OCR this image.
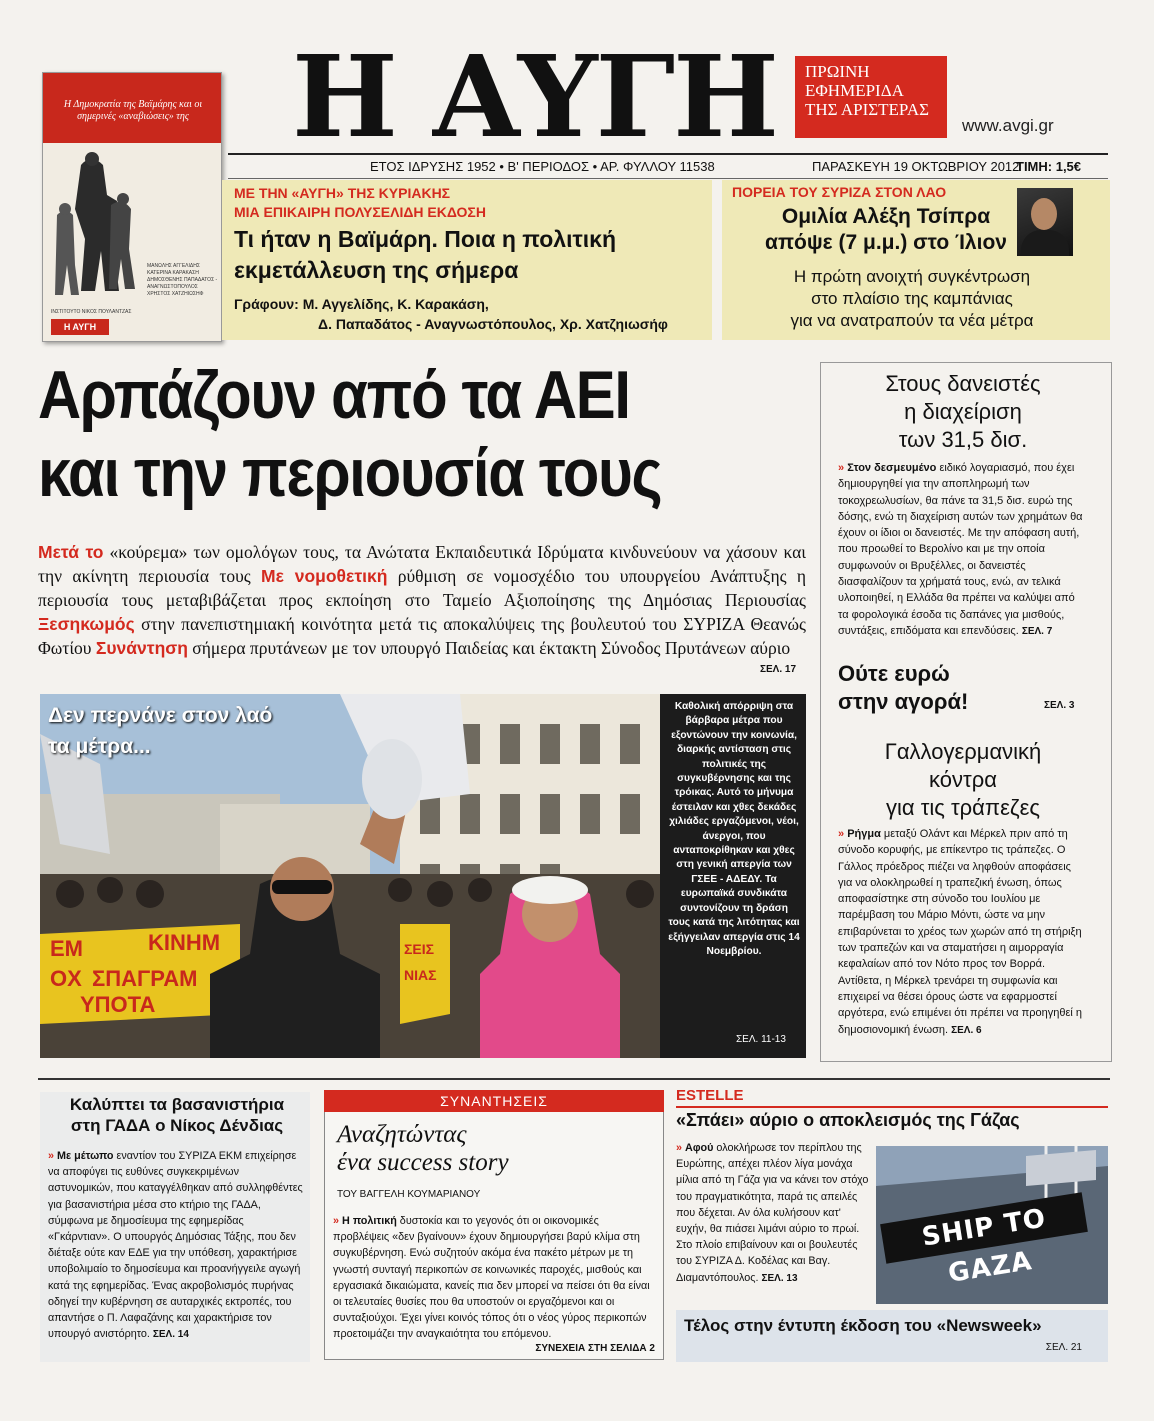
Η Δημοκρατία της Βαϊμάρης και οι σημερινές «αναβιώσεις» της
ΜΑΝΩΛΗΣ ΑΓΓΕΛΙΔΗΣ
ΚΑΤΕΡΙΝΑ ΚΑΡΑΚΑΣΗ
ΔΗΜΟΣΘΕΝΗΣ ΠΑΠΑΔΑΤΟΣ -
ΑΝΑΓΝΩΣΤΟΠΟΥΛΟΣ
ΧΡΗΣΤΟΣ ΧΑΤΖΗΙΩΣΗΦ
ΙΝΣΤΙΤΟΥΤΟ ΝΙΚΟΣ ΠΟΥΛΑΝΤΖΑΣ
Η ΑΥΓΗ
Η ΑΥΓΗ	ΠΡΩΙΝΗ
ΕΦΗΜΕΡΙΔΑ
ΤΗΣ ΑΡΙΣΤΕΡΑΣ
www.avgi.gr
ΕΤΟΣ ΙΔΡΥΣΗΣ 1952 • Β' ΠΕΡΙΟΔΟΣ • ΑΡ. ΦΥΛΛΟΥ 11538	ΠΑΡΑΣΚΕΥΗ 19 ΟΚΤΩΒΡΙΟΥ 2012
ΤΙΜΗ: 1,5€
ΜΕ ΤΗΝ «ΑΥΓΗ» ΤΗΣ ΚΥΡΙΑΚΗΣ
ΜΙΑ ΕΠΙΚΑΙΡΗ ΠΟΛΥΣΕΛΙΔΗ ΕΚΔΟΣΗ
Τι ήταν η Βαϊμάρη. Ποια η πολιτική
εκμετάλλευση της σήμερα
Γράφουν: Μ. Αγγελίδης, Κ. Καρακάση,
Δ. Παπαδάτος - Αναγνωστόπουλος, Χρ. Χατζηιωσήφ
ΠΟΡΕΙΑ ΤΟΥ ΣΥΡΙΖΑ ΣΤΟΝ ΛΑΟ
Ομιλία Αλέξη Τσίπρα
απόψε (7 μ.μ.) στο Ίλιον
Η πρώτη ανοιχτή συγκέντρωση
στο πλαίσιο της καμπάνιας
για να ανατραπούν τα νέα μέτρα
Αρπάζουν από τα ΑΕΙ
και την περιουσία τους
Μετά το «κούρεμα» των ομολόγων τους, τα Ανώτατα Εκπαιδευτικά Ιδρύματα κινδυνεύουν να χάσουν και την ακίνητη περιουσία τους Με νομοθετική ρύθμιση σε νομοσχέδιο του υπουργείου Ανάπτυξης η περιουσία τους μεταβιβάζεται προς εκποίηση στο Ταμείο Αξιοποίησης της Δημόσιας Περιουσίας Ξεσηκωμός στην πανεπιστημιακή κοινότητα μετά τις αποκαλύψεις της βουλευτού του ΣΥΡΙΖΑ Θεανώς Φωτίου Συνάντηση σήμερα πρυτάνεων με τον υπουργό Παιδείας και έκτακτη Σύνοδος Πρυτάνεων αύριο
ΣΕΛ. 17
ΕΜ	ΚΙΝΗΜ
ΟΧ ΣΠΑΓΡΑΜ
ΥΠΟΤΑ
ΣΕΙΣ
ΝΙΑΣ
Δεν περνάνε στον λαό
τα μέτρα...
Καθολική απόρριψη στα βάρβαρα μέτρα που εξοντώνουν την κοινωνία, διαρκής αντίσταση στις πολιτικές της συγκυβέρνησης και της τρόικας. Αυτό το μήνυμα έστειλαν και χθες δεκάδες χιλιάδες εργαζόμενοι, νέοι, άνεργοι, που ανταποκρίθηκαν και χθες στη γενική απεργία των ΓΣΕΕ - ΑΔΕΔΥ. Τα ευρωπαϊκά συνδικάτα συντονίζουν τη δράση τους κατά της λιτότητας και εξήγγειλαν απεργία στις 14 Νοεμβρίου.
ΣΕΛ. 11-13
Στους δανειστές
η διαχείριση
των 31,5 δισ.
» Στον δεσμευμένο ειδικό λογαριασμό, που έχει δημιουργηθεί για την αποπληρωμή των τοκοχρεωλυσίων, θα πάνε τα 31,5 δισ. ευρώ της δόσης, ενώ τη διαχείριση αυτών των χρημάτων θα έχουν οι ίδιοι οι δανειστές. Με την απόφαση αυτή, που προωθεί το Βερολίνο και με την οποία συμφωνούν οι Βρυξέλλες, οι δανειστές διασφαλίζουν τα χρήματά τους, ενώ, αν τελικά υλοποιηθεί, η Ελλάδα θα πρέπει να καλύψει από τα φορολογικά έσοδα τις δαπάνες για μισθούς, συντάξεις, επιδόματα και επενδύσεις. ΣΕΛ. 7
Ούτε ευρώ
στην αγορά!	ΣΕΛ. 3
Γαλλογερμανική
κόντρα
για τις τράπεζες
» Ρήγμα μεταξύ Ολάντ και Μέρκελ πριν από τη σύνοδο κορυφής, με επίκεντρο τις τράπεζες. Ο Γάλλος πρόεδρος πιέζει να ληφθούν αποφάσεις για να ολοκληρωθεί η τραπεζική ένωση, όπως αποφασίστηκε στη σύνοδο του Ιουλίου με παρέμβαση του Μάριο Μόντι, ώστε να μην επιβαρύνεται το χρέος των χωρών από τη στήριξη των τραπεζών και να σταματήσει η αιμορραγία κεφαλαίων από τον Νότο προς τον Βορρά. Αντίθετα, η Μέρκελ τρενάρει τη συμφωνία και επιχειρεί να θέσει όρους ώστε να εφαρμοστεί αργότερα, ενώ επιμένει ότι πρέπει να προηγηθεί η δημοσιονομική ένωση. ΣΕΛ. 6
Καλύπτει τα βασανιστήρια
στη ΓΑΔΑ ο Νίκος Δένδιας
» Με μέτωπο εναντίον του ΣΥΡΙΖΑ ΕΚΜ επιχείρησε να αποφύγει τις ευθύνες συγκεκριμένων αστυνομικών, που καταγγέλθηκαν από συλληφθέντες για βασανιστήρια μέσα στο κτήριο της ΓΑΔΑ, σύμφωνα με δημοσίευμα της εφημερίδας «Γκάρντιαν». Ο υπουργός Δημόσιας Τάξης, που δεν διέταξε ούτε καν ΕΔΕ για την υπόθεση, χαρακτήρισε υποβολιμαίο το δημοσίευμα και προανήγγειλε αγωγή κατά της εφημερίδας. Ένας ακροβολισμός πυρήνας οδηγεί την κυβέρνηση σε αυταρχικές εκτροπές, του απαντήσε ο Π. Λαφαζάνης και χαρακτήρισε τον υπουργό ανιστόρητο. ΣΕΛ. 14
ΣΥΝΑΝΤΗΣΕΙΣ
Αναζητώντας
ένα success story
ΤΟΥ ΒΑΓΓΕΛΗ ΚΟΥΜΑΡΙΑΝΟΥ
» Η πολιτική δυστοκία και το γεγονός ότι οι οικονομικές προβλέψεις «δεν βγαίνουν» έχουν δημιουργήσει βαρύ κλίμα στη συγκυβέρνηση. Ενώ συζητούν ακόμα ένα πακέτο μέτρων με τη γνωστή συνταγή περικοπών σε κοινωνικές παροχές, μισθούς και εργασιακά δικαιώματα, κανείς πια δεν μπορεί να πείσει ότι θα είναι οι τελευταίες θυσίες που θα υποστούν οι εργαζόμενοι και οι συνταξιούχοι. Έχει γίνει κοινός τόπος ότι ο νέος γύρος περικοπών προετοιμάζει την αναγκαιότητα του επόμενου.
ΣΥΝΕΧΕΙΑ ΣΤΗ ΣΕΛΙΔΑ 2
ESTELLE
«Σπάει» αύριο ο αποκλεισμός της Γάζας
» Αφού ολοκλήρωσε τον περίπλου της Ευρώπης, απέχει πλέον λίγα μονάχα μίλια από τη Γάζα για να κάνει τον στόχο του πραγματικότητα, παρά τις απειλές που δέχεται. Αν όλα κυλήσουν κατ' ευχήν, θα πιάσει λιμάνι αύριο το πρωί. Στο πλοίο επιβαίνουν και οι βουλευτές του ΣΥΡΙΖΑ Δ. Κοδέλας και Βαγ. Διαμαντόπουλος. ΣΕΛ. 13
SHIP TO GAZA
Τέλος στην έντυπη έκδοση του «Newsweek»
ΣΕΛ. 21
